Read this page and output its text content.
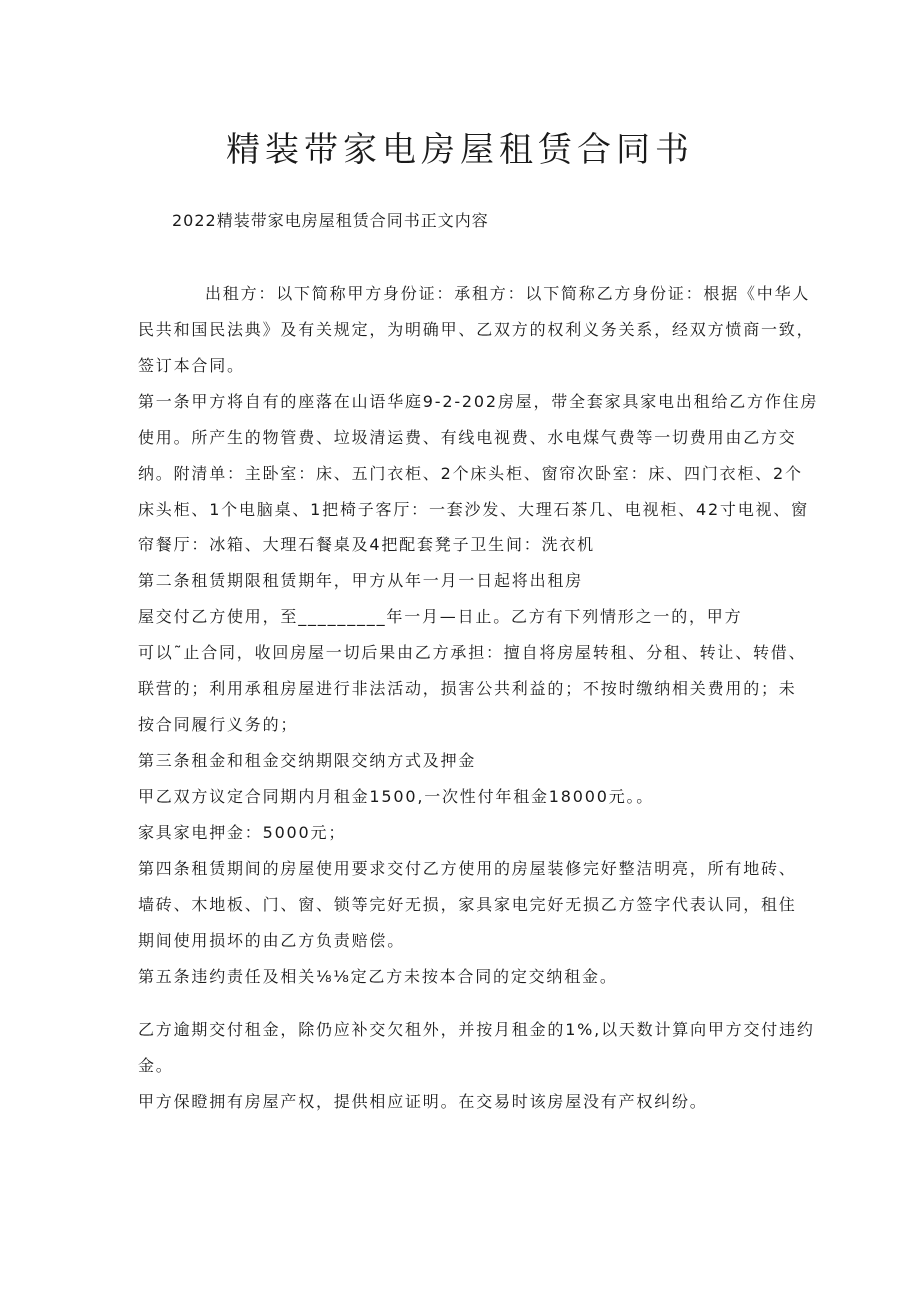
精装带家电房屋租赁合同书
2022精装带家电房屋租赁合同书正文内容
出租方：以下简称甲方身份证：承租方：以下简称乙方身份证：根据《中华人
民共和国民法典》及有关规定，为明确甲、乙双方的权利义务关系，经双方愤商一致，
签订本合同。
第一条甲方将自有的座落在山语华庭9-2-202房屋，带全套家具家电出租给乙方作住房
使用。所产生的物管费、垃圾清运费、有线电视费、水电煤气费等一切费用由乙方交
纳。附清单：主卧室：床、五门衣柜、2个床头柜、窗帘次卧室：床、四门衣柜、2个
床头柜、1个电脑桌、1把椅子客厅：一套沙发、大理石茶几、电视柜、42寸电视、窗
帘餐厅：冰箱、大理石餐桌及4把配套凳子卫生间：洗衣机
第二条租赁期限租赁期年，甲方从年一月一日起将出租房
屋交付乙方使用，至_________年一月—日止。乙方有下列情形之一的，甲方
可以˜止合同，收回房屋一切后果由乙方承担：擅自将房屋转租、分租、转让、转借、
联营的；利用承租房屋进行非法活动，损害公共利益的；不按时缴纳相关费用的；未
按合同履行义务的；
第三条租金和租金交纳期限交纳方式及押金
甲乙双方议定合同期内月租金1500,一次性付年租金18000元。。
家具家电押金：5000元；
第四条租赁期间的房屋使用要求交付乙方使用的房屋装修完好整洁明亮，所有地砖、
墙砖、木地板、门、窗、锁等完好无损，家具家电完好无损乙方签字代表认同，租住
期间使用损坏的由乙方负责赔偿。
第五条违约责任及相关⅛⅛定乙方未按本合同的定交纳租金。
乙方逾期交付租金，除仍应补交欠租外，并按月租金的1%,以天数计算向甲方交付违约
金。
甲方保瞪拥有房屋产权，提供相应证明。在交易时该房屋没有产权纠纷。
